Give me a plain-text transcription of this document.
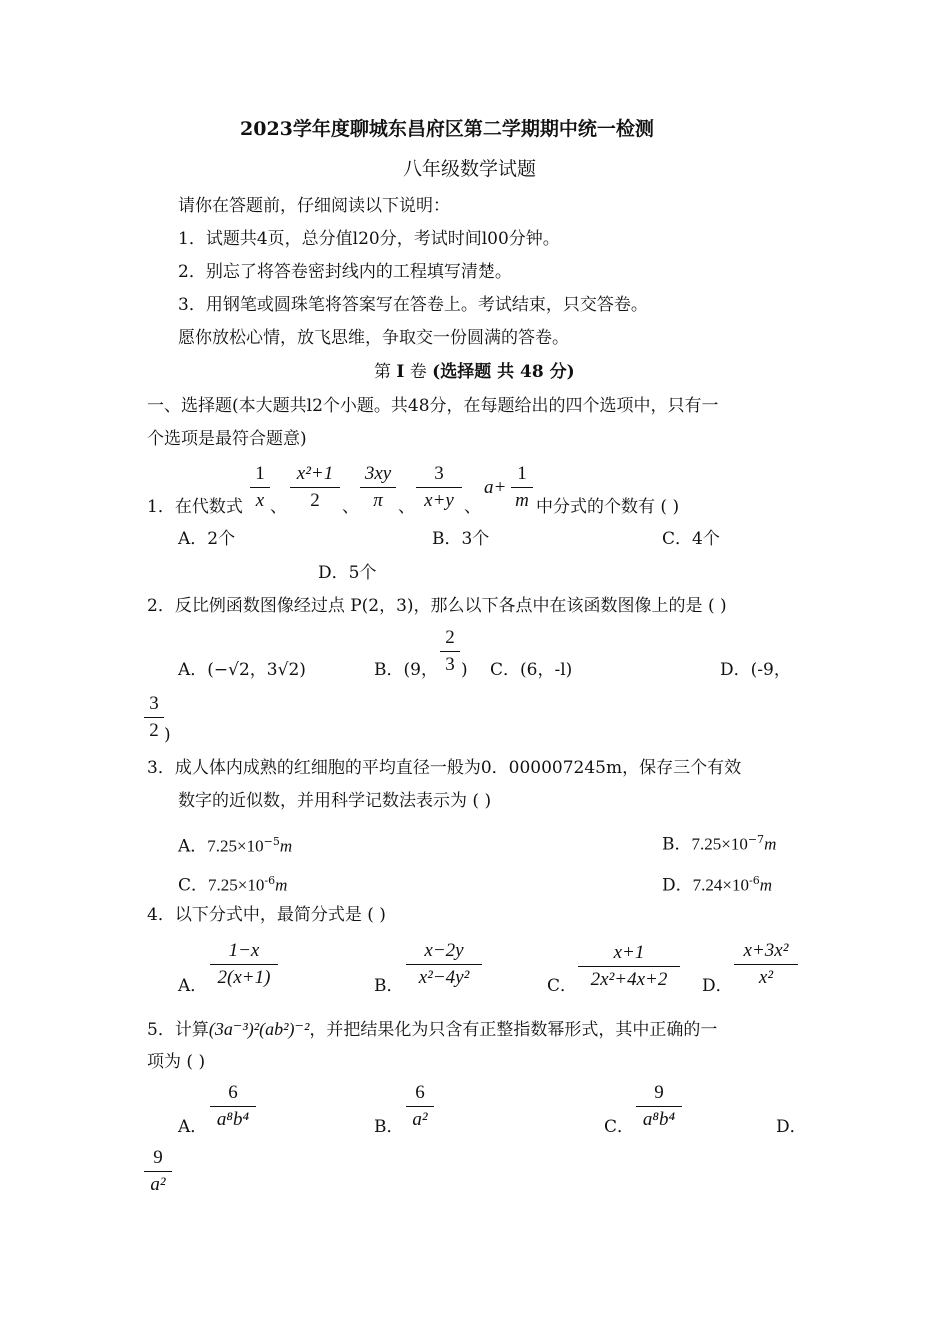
2023学年度聊城东昌府区第二学期期中统一检测
八年级数学试题
请你在答题前，仔细阅读以下说明：
1．试题共4页，总分值l20分，考试时间l00分钟。
2．别忘了将答卷密封线内的工程填写清楚。
3．用钢笔或圆珠笔将答案写在答卷上。考试结束，只交答卷。
愿你放松心情，放飞思维，争取交一份圆满的答卷。
第 I 卷 (选择题 共 48 分)
一、选择题(本大题共l2个小题。共48分，在每题给出的四个选项中，只有一
个选项是最符合题意)
1
x 、
x²+1
2	、
3xy
π 、
3
x+y 、
a+
1
m
1．在代数式	中分式的个数有 ( )
A．2个	B．3个	C．4个
D．5个
2．反比例函数图像经过点 P(2，3)，那么以下各点中在该函数图像上的是 ( )
A．(−√2，3√2)	B．(9，
2
3 ) C．(6，-l)	D．(-9，
3
2 )
3．成人体内成熟的红细胞的平均直径一般为0．000007245m，保存三个有效
数字的近似数，并用科学记数法表示为 ( )
A．$7.25\times 10^{-5}m$	B．$7.25\times 10^{-7}m$
C．$7.25\times 10^{-6}m$	D．$7.24\times 10^{-6}m$
4．以下分式中，最简分式是 ( )
A．
1−x
2(x+1)	B．
x−2y
x²−4y²	C．
x+1
2x²+4x+2	D．
x+3x²
x²
5．计算(3a⁻³)²(ab²)⁻²，并把结果化为只含有正整指数幂形式，其中正确的一
项为 ( )
A．
6
a⁸b⁴	B．
6
a²	C．
9
a⁸b⁴	D．
9
a²
